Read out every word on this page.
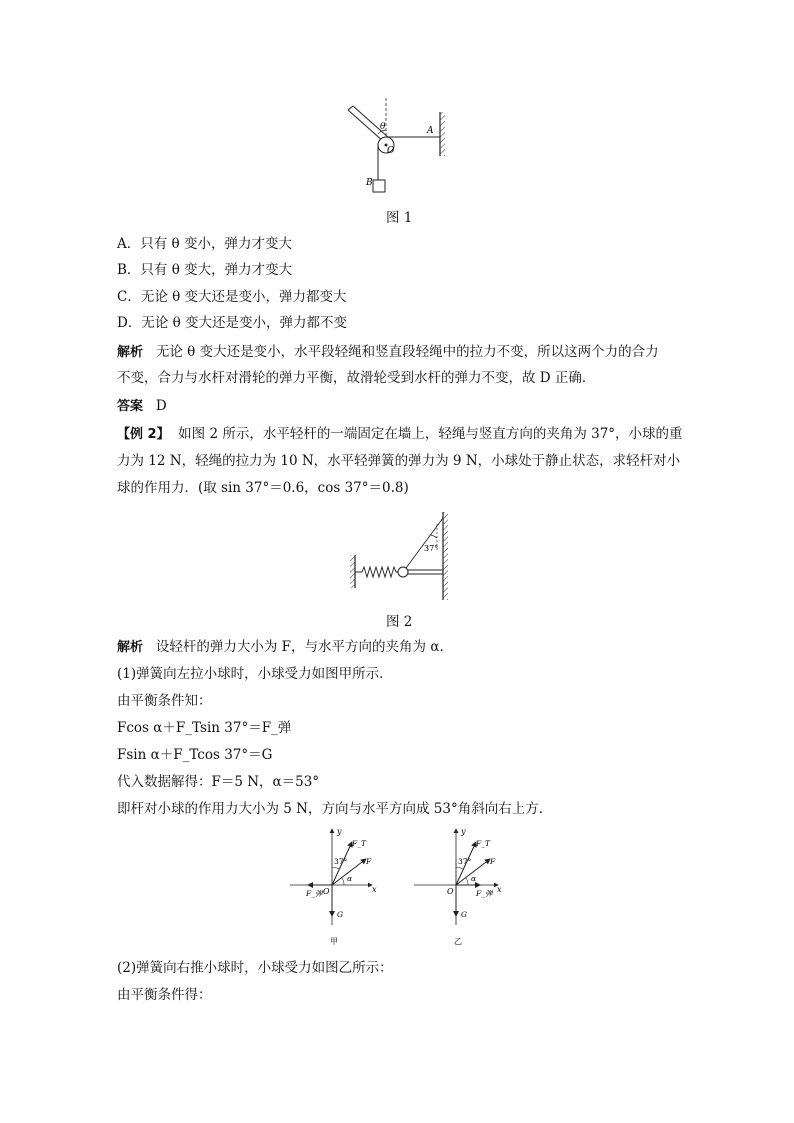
θ
O
A
B
图 1
A．只有 θ 变小，弹力才变大
B．只有 θ 变大，弹力才变大
C．无论 θ 变大还是变小，弹力都变大
D．无论 θ 变大还是变小，弹力都不变
解析 无论 θ 变大还是变小，水平段轻绳和竖直段轻绳中的拉力不变，所以这两个力的合力
不变，合力与水杆对滑轮的弹力平衡，故滑轮受到水杆的弹力不变，故 D 正确．
答案 D
【例 2】 如图 2 所示，水平轻杆的一端固定在墙上，轻绳与竖直方向的夹角为 37°，小球的重
力为 12 N，轻绳的拉力为 10 N，水平轻弹簧的弹力为 9 N，小球处于静止状态，求轻杆对小
球的作用力．(取 sin 37°＝0.6，cos 37°＝0.8)
37°
图 2
解析 设轻杆的弹力大小为 F，与水平方向的夹角为 α.
(1)弹簧向左拉小球时，小球受力如图甲所示．
由平衡条件知：
Fcos α＋F_Tsin 37°＝F_弹
Fsin α＋F_Tcos 37°＝G
代入数据解得：F＝5 N，α＝53°
即杆对小球的作用力大小为 5 N，方向与水平方向成 53°角斜向右上方．
y
x
O
F_T
F
F_弹
G
37°
α
甲
y
x
O
F_T
F
F_弹
G
37°
α
乙
(2)弹簧向右推小球时，小球受力如图乙所示：
由平衡条件得：
